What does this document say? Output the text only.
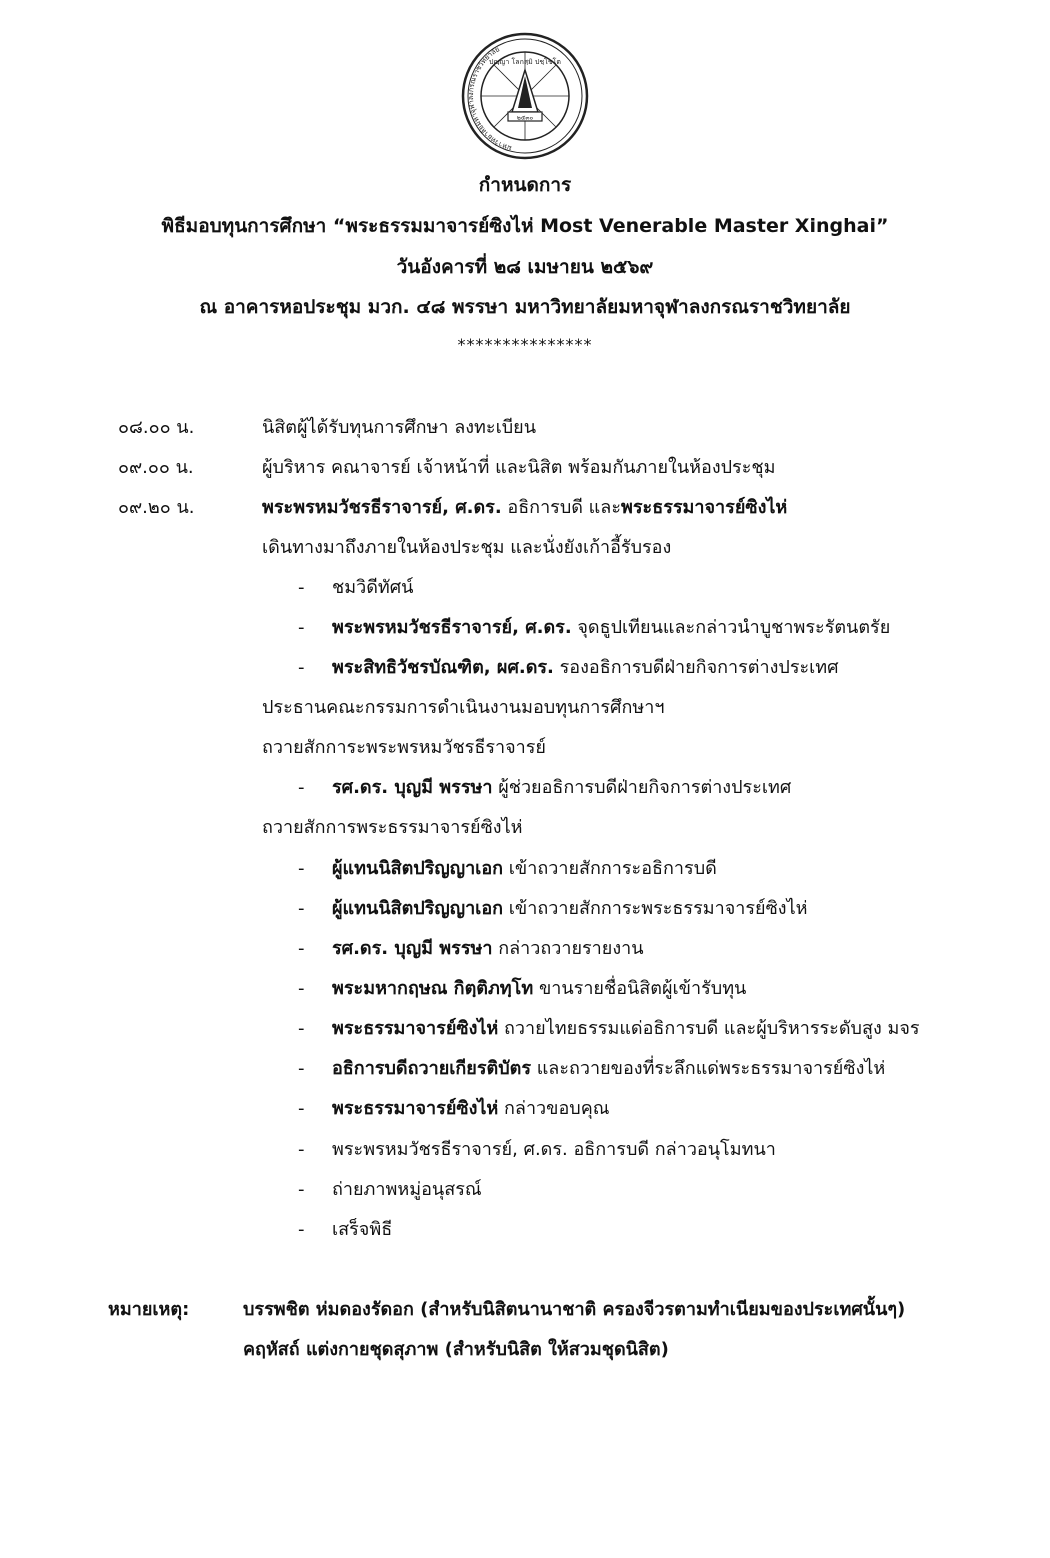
มหาวิทยาลัยมหาจุฬาลงกรณราชวิทยาลัย
ปญฺญา โลกสฺมิ ปชฺโชโต
๒๕๓๐
กำหนดการ
พิธีมอบทุนการศึกษา “พระธรรมมาจารย์ซิงไห่ Most Venerable Master Xinghai”
วันอังคารที่ ๒๘ เมษายน ๒๕๖๙
ณ อาคารหอประชุม มวก. ๔๘ พรรษา มหาวิทยาลัยมหาจุฬาลงกรณราชวิทยาลัย
***************
๐๘.๐๐ น.	นิสิตผู้ได้รับทุนการศึกษา ลงทะเบียน
๐๙.๐๐ น.	ผู้บริหาร คณาจารย์ เจ้าหน้าที่ และนิสิต พร้อมกันภายในห้องประชุม
๐๙.๒๐ น.	พระพรหมวัชรธีราจารย์, ศ.ดร. อธิการบดี และพระธรรมาจารย์ซิงไห่
เดินทางมาถึงภายในห้องประชุม และนั่งยังเก้าอี้รับรอง
- ชมวิดีทัศน์
- พระพรหมวัชรธีราจารย์, ศ.ดร. จุดธูปเทียนและกล่าวนำบูชาพระรัตนตรัย
- พระสิทธิวัชรบัณฑิต, ผศ.ดร. รองอธิการบดีฝ่ายกิจการต่างประเทศ
ประธานคณะกรรมการดำเนินงานมอบทุนการศึกษาฯ
ถวายสักการะพระพรหมวัชรธีราจารย์
- รศ.ดร. บุญมี พรรษา ผู้ช่วยอธิการบดีฝ่ายกิจการต่างประเทศ
ถวายสักการพระธรรมาจารย์ซิงไห่
- ผู้แทนนิสิตปริญญาเอก เข้าถวายสักการะอธิการบดี
- ผู้แทนนิสิตปริญญาเอก เข้าถวายสักการะพระธรรมาจารย์ซิงไห่
- รศ.ดร. บุญมี พรรษา กล่าวถวายรายงาน
- พระมหากฤษณ กิตฺติภทฺโท ขานรายชื่อนิสิตผู้เข้ารับทุน
- พระธรรมาจารย์ซิงไห่ ถวายไทยธรรมแด่อธิการบดี และผู้บริหารระดับสูง มจร
- อธิการบดีถวายเกียรติบัตร และถวายของที่ระลึกแด่พระธรรมาจารย์ซิงไห่
- พระธรรมาจารย์ซิงไห่ กล่าวขอบคุณ
- พระพรหมวัชรธีราจารย์, ศ.ดร. อธิการบดี กล่าวอนุโมทนา
- ถ่ายภาพหมู่อนุสรณ์
- เสร็จพิธี
หมายเหตุ:	บรรพชิต ห่มดองรัดอก (สำหรับนิสิตนานาชาติ ครองจีวรตามทำเนียมของประเทศนั้นๆ)
คฤหัสถ์ แต่งกายชุดสุภาพ (สำหรับนิสิต ให้สวมชุดนิสิต)
